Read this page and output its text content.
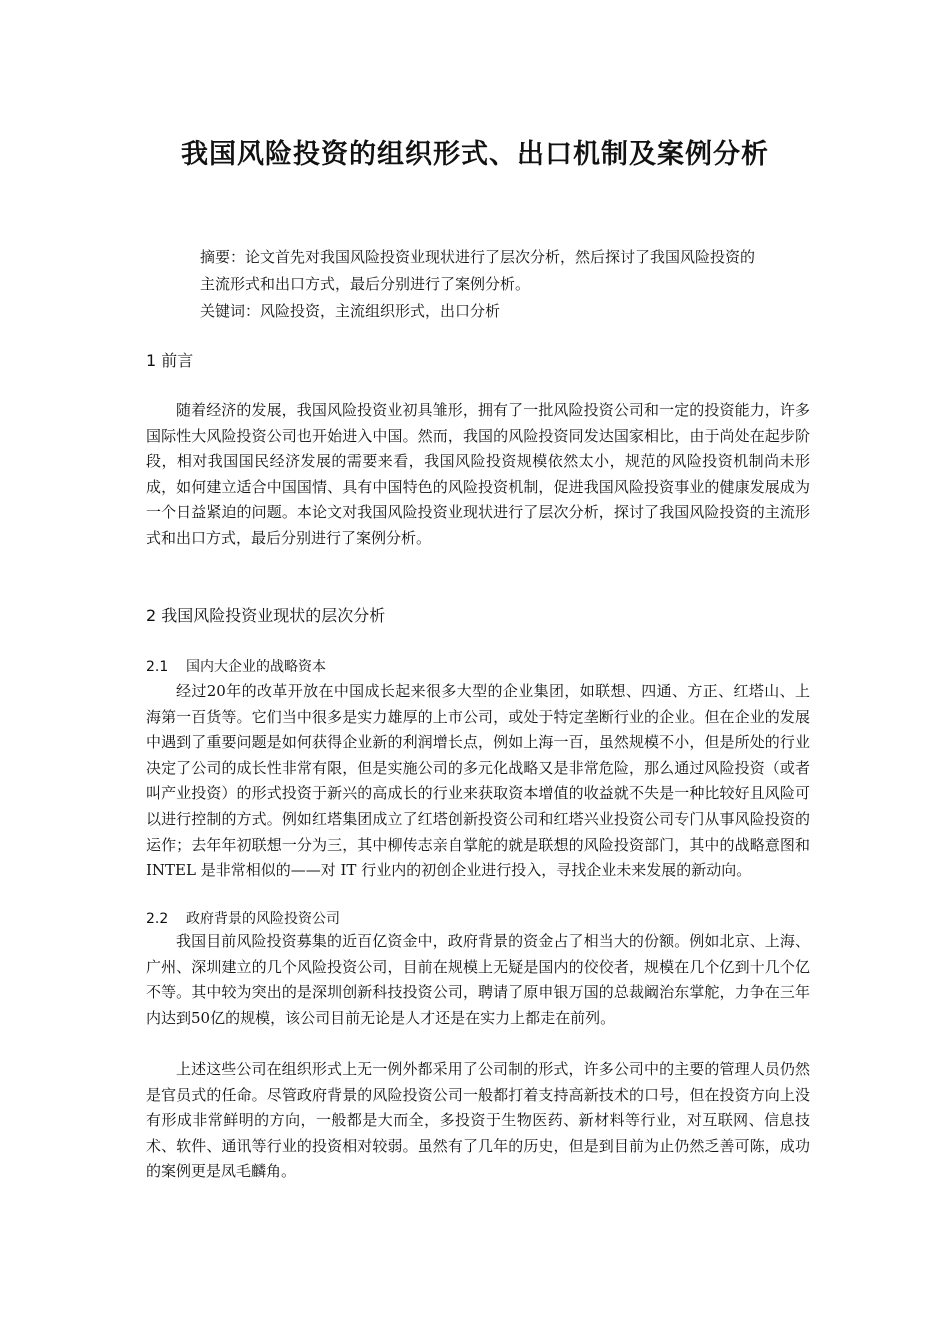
我国风险投资的组织形式、出口机制及案例分析

摘要：论文首先对我国风险投资业现状进行了层次分析，然后探讨了我国风险投资的主流形式和出口方式，最后分别进行了案例分析。

关键词：风险投资，主流组织形式，出口分析

1 前言

随着经济的发展，我国风险投资业初具雏形，拥有了一批风险投资公司和一定的投资能力，许多国际性大风险投资公司也开始进入中国。然而，我国的风险投资同发达国家相比，由于尚处在起步阶段，相对我国国民经济发展的需要来看，我国风险投资规模依然太小，规范的风险投资机制尚未形成，如何建立适合中国国情、具有中国特色的风险投资机制，促进我国风险投资事业的健康发展成为一个日益紧迫的问题。本论文对我国风险投资业现状进行了层次分析，探讨了我国风险投资的主流形式和出口方式，最后分别进行了案例分析。

2 我国风险投资业现状的层次分析
2.1 国内大企业的战略资本

经过20年的改革开放在中国成长起来很多大型的企业集团，如联想、四通、方正、红塔山、上海第一百货等。它们当中很多是实力雄厚的上市公司，或处于特定垄断行业的企业。但在企业的发展中遇到了重要问题是如何获得企业新的利润增长点，例如上海一百，虽然规模不小，但是所处的行业决定了公司的成长性非常有限，但是实施公司的多元化战略又是非常危险，那么通过风险投资（或者叫产业投资）的形式投资于新兴的高成长的行业来获取资本增值的收益就不失是一种比较好且风险可以进行控制的方式。例如红塔集团成立了红塔创新投资公司和红塔兴业投资公司专门从事风险投资的运作；去年年初联想一分为三，其中柳传志亲自掌舵的就是联想的风险投资部门，其中的战略意图和 INTEL 是非常相似的——对 IT 行业内的初创企业进行投入，寻找企业未来发展的新动向。

2.2 政府背景的风险投资公司

我国目前风险投资募集的近百亿资金中，政府背景的资金占了相当大的份额。例如北京、上海、广州、深圳建立的几个风险投资公司，目前在规模上无疑是国内的佼佼者，规模在几个亿到十几个亿不等。其中较为突出的是深圳创新科技投资公司，聘请了原申银万国的总裁阚治东掌舵，力争在三年内达到50亿的规模，该公司目前无论是人才还是在实力上都走在前列。

上述这些公司在组织形式上无一例外都采用了公司制的形式，许多公司中的主要的管理人员仍然是官员式的任命。尽管政府背景的风险投资公司一般都打着支持高新技术的口号，但在投资方向上没有形成非常鲜明的方向，一般都是大而全，多投资于生物医药、新材料等行业，对互联网、信息技术、软件、通讯等行业的投资相对较弱。虽然有了几年的历史，但是到目前为止仍然乏善可陈，成功的案例更是凤毛麟角。
